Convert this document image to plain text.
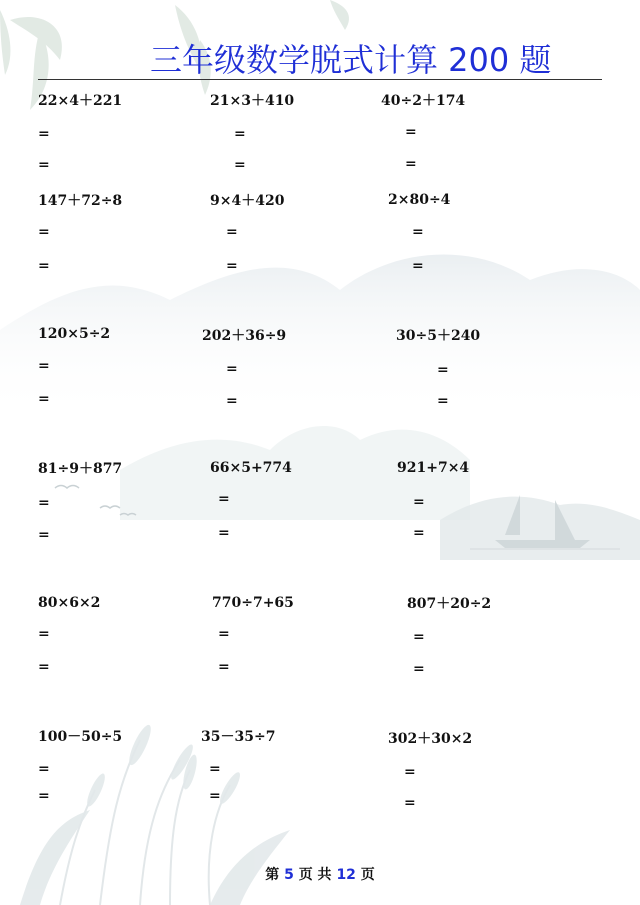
三年级数学脱式计算 200 题
22×4＋221
=
=
21×3＋410
=
=
40÷2＋174
=
=
147＋72÷8
=
=
9×4＋420
=
=
2×80÷4
=
=
120×5÷2
=
=
202＋36÷9
=
=
30÷5＋240
=
=
81÷9＋877
=
=
66×5+774
=
=
921+7×4
=
=
80×6×2
=
=
770÷7+65
=
=
807＋20÷2
=
=
100－50÷5
=
=
35－35÷7
=
=
302＋30×2
=
=
第 5 页 共 12 页
